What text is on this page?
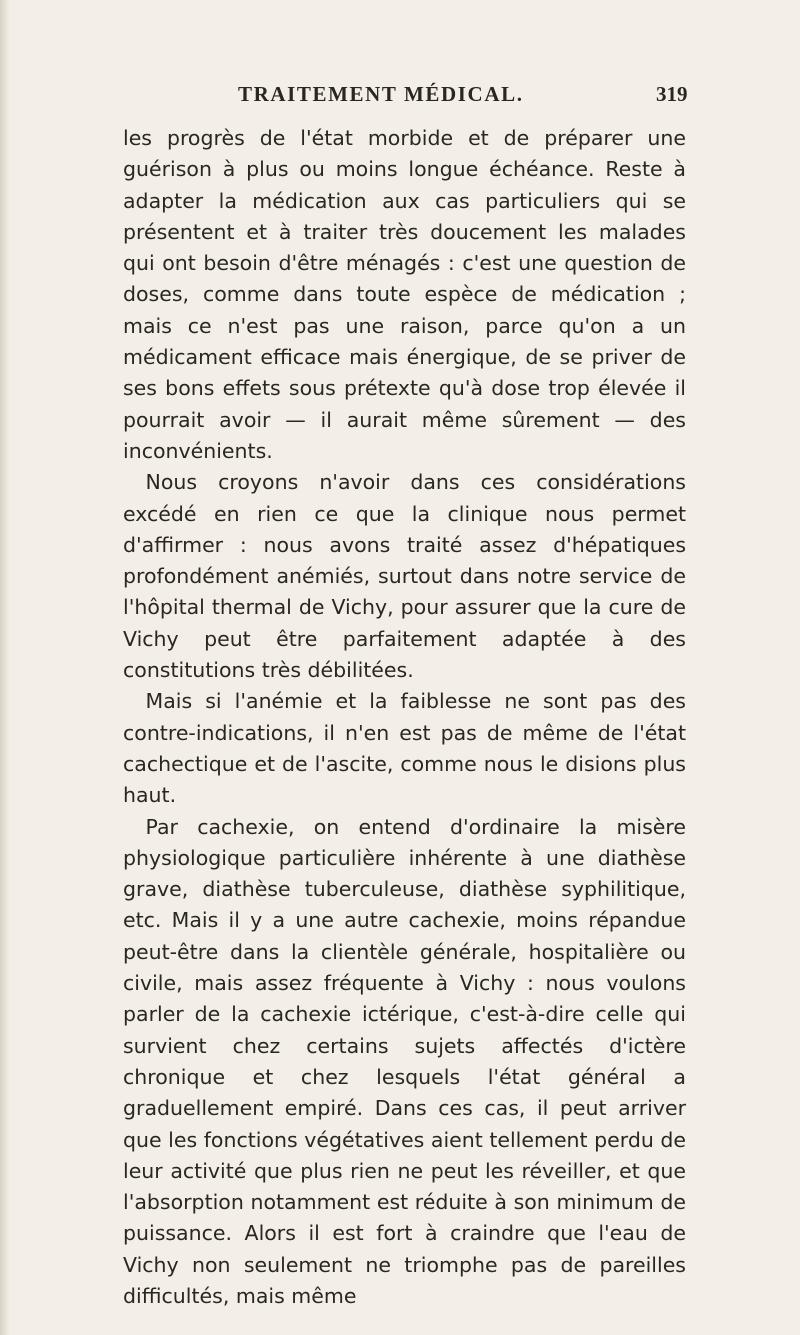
TRAITEMENT MÉDICAL.	319

les progrès de l'état morbide et de préparer une guérison à plus ou moins longue échéance. Reste à adapter la médication aux cas particuliers qui se présentent et à traiter très doucement les malades qui ont besoin d'être ménagés : c'est une question de doses, comme dans toute espèce de médication ; mais ce n'est pas une raison, parce qu'on a un médicament efficace mais énergique, de se priver de ses bons effets sous prétexte qu'à dose trop élevée il pourrait avoir — il aurait même sûrement — des inconvénients.

Nous croyons n'avoir dans ces considérations excédé en rien ce que la clinique nous permet d'affirmer : nous avons traité assez d'hépatiques profondément anémiés, surtout dans notre service de l'hôpital thermal de Vichy, pour assurer que la cure de Vichy peut être parfaitement adaptée à des constitutions très débilitées.

Mais si l'anémie et la faiblesse ne sont pas des contre-indications, il n'en est pas de même de l'état cachectique et de l'ascite, comme nous le disions plus haut.

Par cachexie, on entend d'ordinaire la misère physiologique particulière inhérente à une diathèse grave, diathèse tuberculeuse, diathèse syphilitique, etc. Mais il y a une autre cachexie, moins répandue peut-être dans la clientèle générale, hospitalière ou civile, mais assez fréquente à Vichy : nous voulons parler de la cachexie ictérique, c'est-à-dire celle qui survient chez certains sujets affectés d'ictère chronique et chez lesquels l'état général a graduellement empiré. Dans ces cas, il peut arriver que les fonctions végétatives aient tellement perdu de leur activité que plus rien ne peut les réveiller, et que l'absorption notamment est réduite à son minimum de puissance. Alors il est fort à craindre que l'eau de Vichy non seulement ne triomphe pas de pareilles difficultés, mais même
